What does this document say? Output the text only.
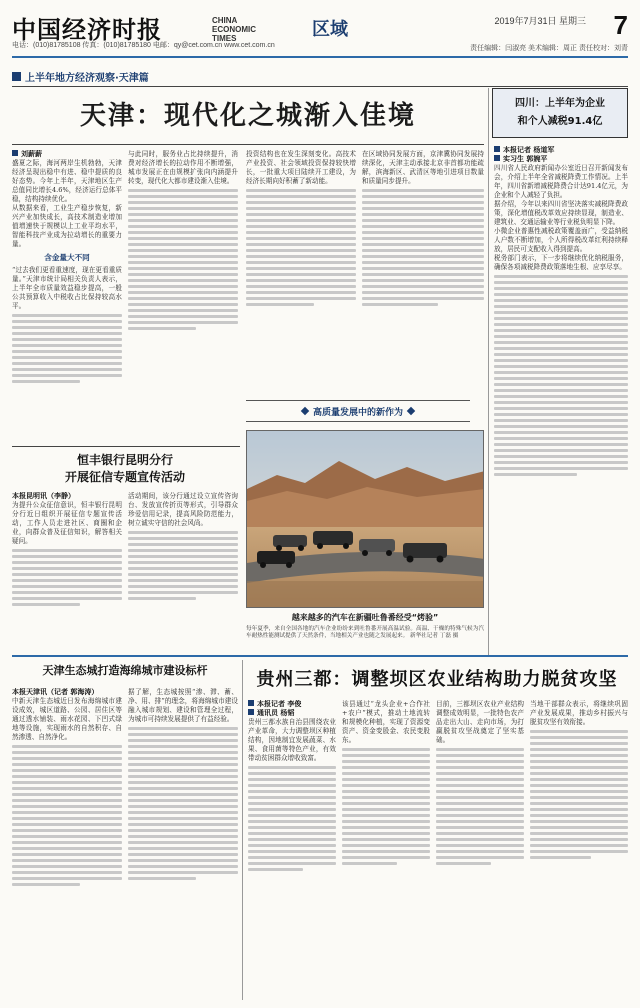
中国经济时报	CHINA
ECONOMIC
TIMES	区域	2019年7月31日 星期三 7
电话：(010)81785108 传真：(010)81785180 电邮：qy@cet.com.cn www.cet.com.cn	责任编辑：闫淑亮 美术编辑：周正 责任校对：刘青
上半年地方经济观察·天津篇
天津：现代化之城渐入佳境	四川：上半年为企业
和个人减税91.4亿
刘薪薪

盛夏之际，海河两岸生机勃勃，天津经济呈现出稳中有进、稳中提质的良好态势。今年上半年，天津地区生产总值同比增长4.6%，经济运行总体平稳，结构持续优化。

从数据来看，工业生产稳步恢复，新兴产业加快成长，高技术制造业增加值增速快于规模以上工业平均水平，智能科技产业成为拉动增长的重要力量。

含金量大不同

“过去我们更看重速度，现在更看重质量。”天津市统计局相关负责人表示，上半年全市质量效益稳步提高，一般公共预算收入中税收占比保持较高水平。

与此同时，服务业占比持续提升，消费对经济增长的拉动作用不断增强，城市发展正在由规模扩张向内涵提升转变，现代化大都市建设渐入佳境。

投资结构也在发生深刻变化。高技术产业投资、社会领域投资保持较快增长，一批重大项目陆续开工建设，为经济长期向好积蓄了新动能。

在区域协同发展方面，京津冀协同发展持续深化，天津主动承接北京非首都功能疏解，滨海新区、武清区等地引进项目数量和质量同步提升。

高质量发展中的新作为
越来越多的汽车在新疆吐鲁番经受“烤验”
每年夏季，来自全国各地的汽车企业纷纷来到吐鲁番开展高温试验。高温、干燥的特殊气候为汽车耐热性能测试提供了天然条件，当地相关产业也随之发展起来。 新华社记者 丁磊 摄
恒丰银行昆明分行
开展征信专题宣传活动
本报昆明讯（李静）

为提升公众征信意识，恒丰银行昆明分行近日组织开展征信专题宣传活动，工作人员走进社区、商圈和企业，向群众普及征信知识，解答相关疑问。

活动期间，该分行通过设立宣传咨询台、发放宣传折页等形式，引导群众珍爱信用记录，提高风险防范能力，树立诚实守信的社会风尚。

本报记者 杨道军
实习生 郭婉平

四川省人民政府新闻办公室近日召开新闻发布会，介绍上半年全省减税降费工作情况。上半年，四川省新增减税降费合计达91.4亿元，为企业和个人减轻了负担。

据介绍，今年以来四川省坚决落实减税降费政策，深化增值税改革效应持续显现，制造业、建筑业、交通运输业等行业税负明显下降。

小微企业普惠性减税政策覆盖面广，受益纳税人户数不断增加，个人所得税改革红利持续释放，居民可支配收入得到提高。

税务部门表示，下一步将继续优化纳税服务，确保各项减税降费政策落地生根、应享尽享。

天津生态城打造海绵城市建设标杆
本报天津讯（记者 郭海涛）

中新天津生态城近日发布海绵城市建设成效，城区道路、公园、居住区等通过透水铺装、雨水花园、下凹式绿地等设施，实现雨水的自然积存、自然渗透、自然净化。

据了解，生态城按照“渗、滞、蓄、净、用、排”的理念，将海绵城市建设融入城市规划、建设和管理全过程，为城市可持续发展提供了有益经验。

贵州三都：调整坝区农业结构助力脱贫攻坚
本报记者 李俊
通讯员 杨韬

贵州三都水族自治县围绕农业产业革命，大力调整坝区种植结构，因地制宜发展蔬菜、水果、食用菌等特色产业，有效带动贫困群众增收致富。

该县通过“龙头企业+合作社+农户”模式，推动土地流转和规模化种植，实现了资源变资产、资金变股金、农民变股东。

目前，三都坝区农业产业结构调整成效明显，一批特色农产品走出大山、走向市场，为打赢脱贫攻坚战奠定了坚实基础。

当地干部群众表示，将继续巩固产业发展成果，推动乡村振兴与脱贫攻坚有效衔接。
